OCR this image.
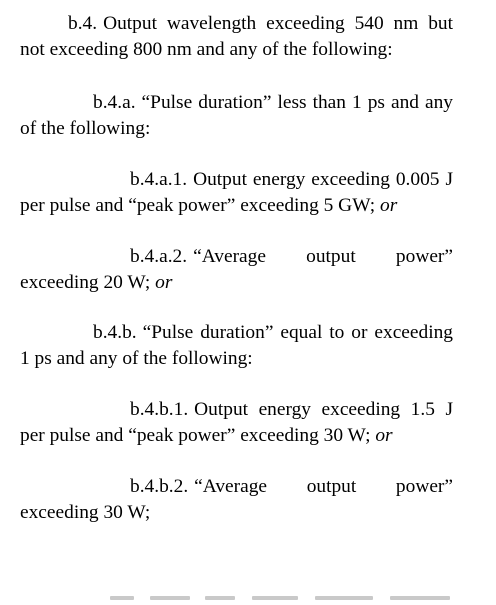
b.4. Output wavelength exceeding 540 nm but not exceeding 800 nm and any of the following:

b.4.a. “Pulse duration” less than 1 ps and any of the following:

b.4.a.1. Output energy exceeding 0.005 J per pulse and “peak power” exceeding 5 GW; or

b.4.a.2. “Average output power” exceeding 20 W; or

b.4.b. “Pulse duration” equal to or exceeding 1 ps and any of the following:

b.4.b.1. Output energy exceeding 1.5 J per pulse and “peak power” exceeding 30 W; or

b.4.b.2. “Average output power” exceeding 30 W;
